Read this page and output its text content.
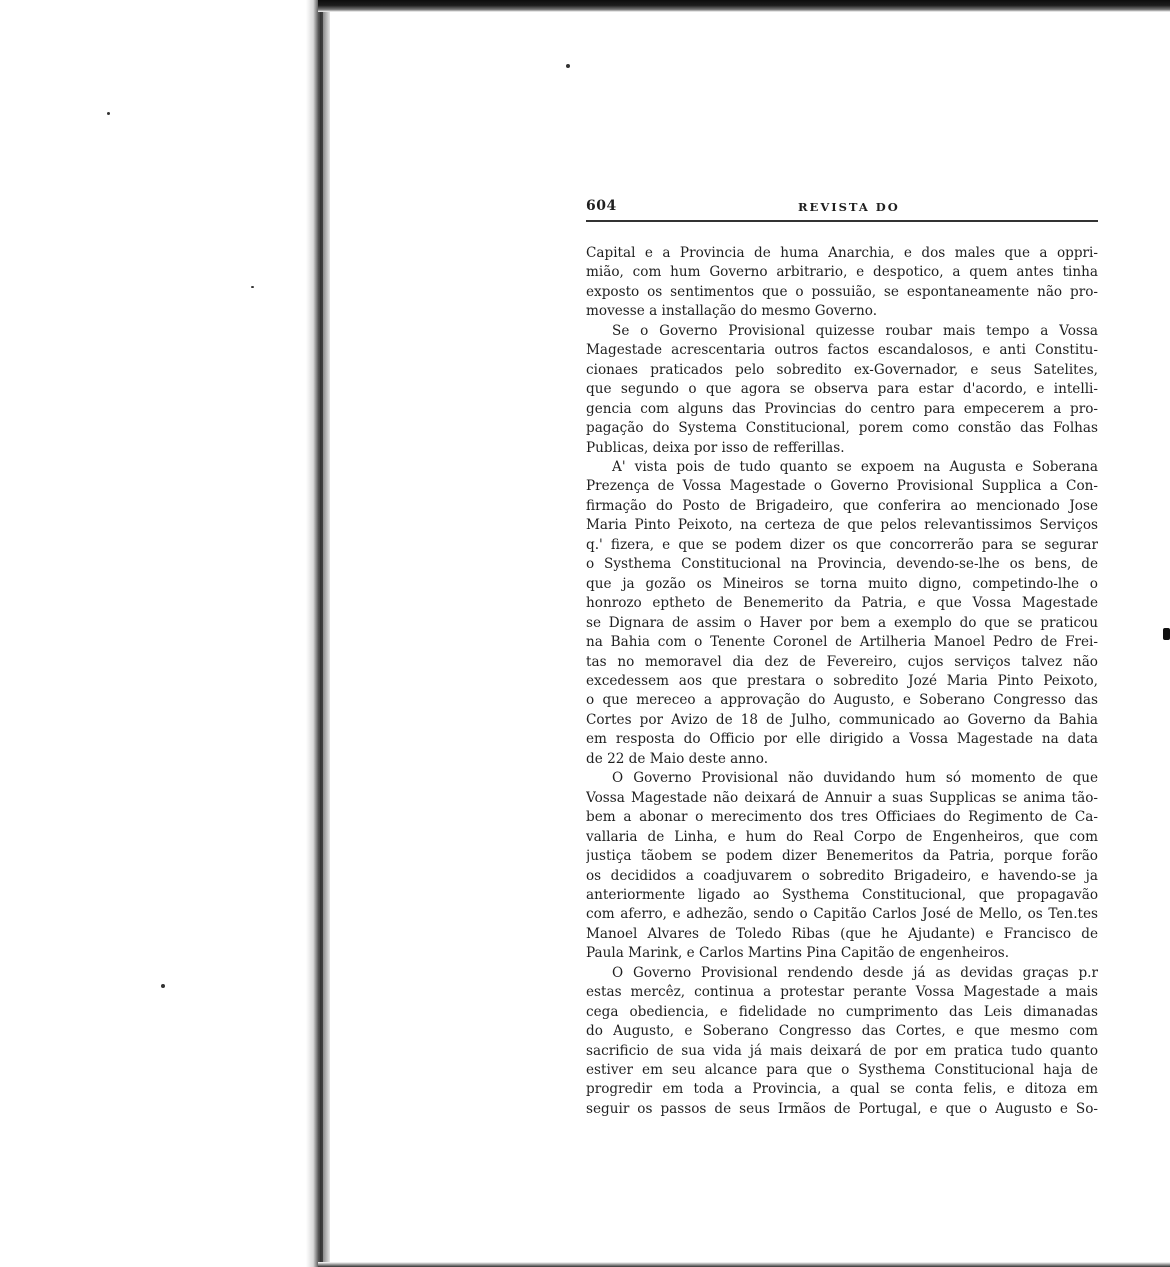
604	REVISTA DO
Capital e a Provincia de huma Anarchia, e dos males que a oppri-
mião, com hum Governo arbitrario, e despotico, a quem antes tinha
exposto os sentimentos que o possuião, se espontaneamente não pro-
movesse a installação do mesmo Governo.
Se o Governo Provisional quizesse roubar mais tempo a Vossa
Magestade acrescentaria outros factos escandalosos, e anti Constitu-
cionaes praticados pelo sobredito ex-Governador, e seus Satelites,
que segundo o que agora se observa para estar d'acordo, e intelli-
gencia com alguns das Provincias do centro para empecerem a pro-
pagação do Systema Constitucional, porem como constão das Folhas
Publicas, deixa por isso de refferillas.
A' vista pois de tudo quanto se expoem na Augusta e Soberana
Prezença de Vossa Magestade o Governo Provisional Supplica a Con-
firmação do Posto de Brigadeiro, que conferira ao mencionado Jose
Maria Pinto Peixoto, na certeza de que pelos relevantissimos Serviços
q.' fizera, e que se podem dizer os que concorrerão para se segurar
o Systhema Constitucional na Provincia, devendo-se-lhe os bens, de
que ja gozão os Mineiros se torna muito digno, competindo-lhe o
honrozo eptheto de Benemerito da Patria, e que Vossa Magestade
se Dignara de assim o Haver por bem a exemplo do que se praticou
na Bahia com o Tenente Coronel de Artilheria Manoel Pedro de Frei-
tas no memoravel dia dez de Fevereiro, cujos serviços talvez não
excedessem aos que prestara o sobredito Jozé Maria Pinto Peixoto,
o que mereceo a approvação do Augusto, e Soberano Congresso das
Cortes por Avizo de 18 de Julho, communicado ao Governo da Bahia
em resposta do Officio por elle dirigido a Vossa Magestade na data
de 22 de Maio deste anno.
O Governo Provisional não duvidando hum só momento de que
Vossa Magestade não deixará de Annuir a suas Supplicas se anima tão-
bem a abonar o merecimento dos tres Officiaes do Regimento de Ca-
vallaria de Linha, e hum do Real Corpo de Engenheiros, que com
justiça tãobem se podem dizer Benemeritos da Patria, porque forão
os decididos a coadjuvarem o sobredito Brigadeiro, e havendo-se ja
anteriormente ligado ao Systhema Constitucional, que propagavão
com aferro, e adhezão, sendo o Capitão Carlos José de Mello, os Ten.tes
Manoel Alvares de Toledo Ribas (que he Ajudante) e Francisco de
Paula Marink, e Carlos Martins Pina Capitão de engenheiros.
O Governo Provisional rendendo desde já as devidas graças p.r
estas mercêz, continua a protestar perante Vossa Magestade a mais
cega obediencia, e fidelidade no cumprimento das Leis dimanadas
do Augusto, e Soberano Congresso das Cortes, e que mesmo com
sacrificio de sua vida já mais deixará de por em pratica tudo quanto
estiver em seu alcance para que o Systhema Constitucional haja de
progredir em toda a Provincia, a qual se conta felis, e ditoza em
seguir os passos de seus Irmãos de Portugal, e que o Augusto e So-
